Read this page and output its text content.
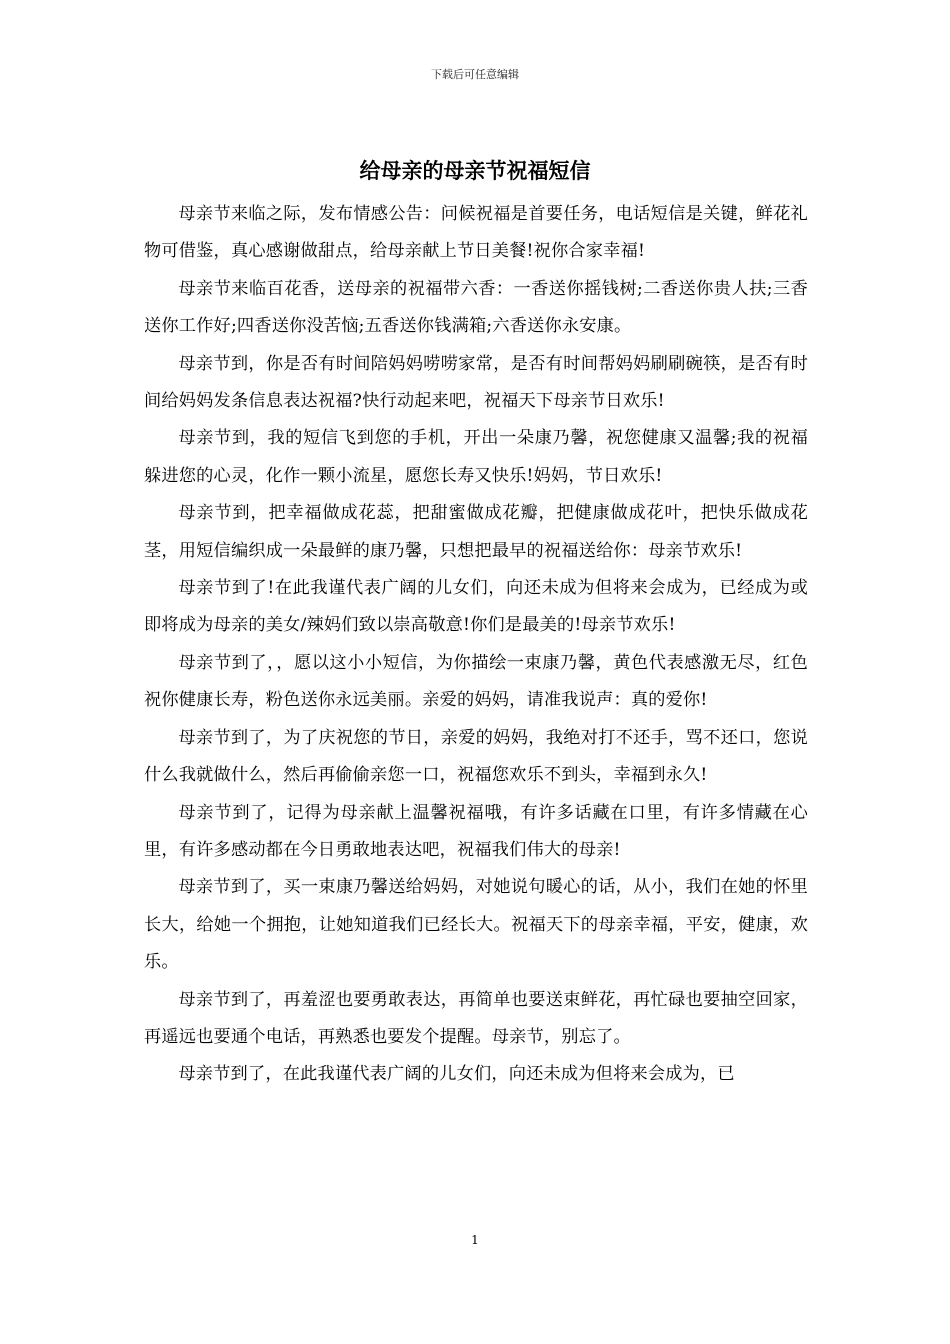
下载后可任意编辑
给母亲的母亲节祝福短信

母亲节来临之际，发布情感公告：问候祝福是首要任务，电话短信是关键，鲜花礼物可借鉴，真心感谢做甜点，给母亲献上节日美餐!祝你合家幸福!

母亲节来临百花香，送母亲的祝福带六香：一香送你摇钱树;二香送你贵人扶;三香送你工作好;四香送你没苦恼;五香送你钱满箱;六香送你永安康。

母亲节到，你是否有时间陪妈妈唠唠家常，是否有时间帮妈妈刷刷碗筷，是否有时间给妈妈发条信息表达祝福?快行动起来吧，祝福天下母亲节日欢乐!

母亲节到，我的短信飞到您的手机，开出一朵康乃馨，祝您健康又温馨;我的祝福躲进您的心灵，化作一颗小流星，愿您长寿又快乐!妈妈，节日欢乐!

母亲节到，把幸福做成花蕊，把甜蜜做成花瓣，把健康做成花叶，把快乐做成花茎，用短信编织成一朵最鲜的康乃馨，只想把最早的祝福送给你：母亲节欢乐!

母亲节到了!在此我谨代表广阔的儿女们，向还未成为但将来会成为，已经成为或即将成为母亲的美女/辣妈们致以崇高敬意!你们是最美的!母亲节欢乐!

母亲节到了，，愿以这小小短信，为你描绘一束康乃馨，黄色代表感激无尽，红色祝你健康长寿，粉色送你永远美丽。亲爱的妈妈，请准我说声：真的爱你!

母亲节到了，为了庆祝您的节日，亲爱的妈妈，我绝对打不还手，骂不还口，您说什么我就做什么，然后再偷偷亲您一口，祝福您欢乐不到头，幸福到永久!

母亲节到了，记得为母亲献上温馨祝福哦，有许多话藏在口里，有许多情藏在心里，有许多感动都在今日勇敢地表达吧，祝福我们伟大的母亲!

母亲节到了，买一束康乃馨送给妈妈，对她说句暖心的话，从小，我们在她的怀里长大，给她一个拥抱，让她知道我们已经长大。祝福天下的母亲幸福，平安，健康，欢乐。

母亲节到了，再羞涩也要勇敢表达，再简单也要送束鲜花，再忙碌也要抽空回家，再遥远也要通个电话，再熟悉也要发个提醒。母亲节，别忘了。

母亲节到了，在此我谨代表广阔的儿女们，向还未成为但将来会成为，已

1
